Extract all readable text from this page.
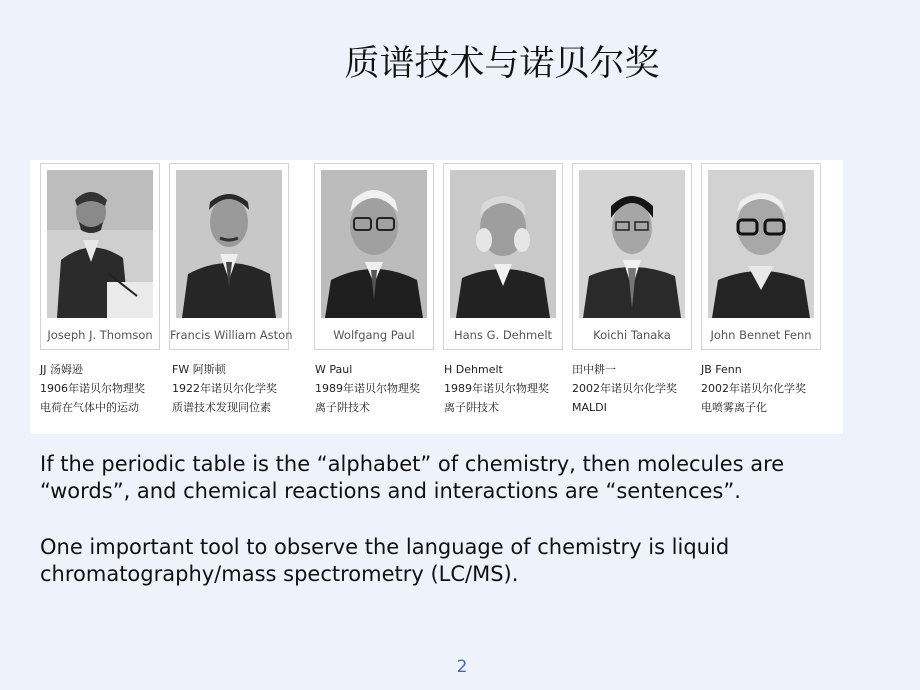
质谱技术与诺贝尔奖
Joseph J. Thomson	Francis William Aston	Wolfgang Paul	Hans G. Dehmelt	Koichi Tanaka	John Bennet Fenn
JJ 汤姆逊
1906年诺贝尔物理奖
电荷在气体中的运动
FW 阿斯顿
1922年诺贝尔化学奖
质谱技术发现同位素
W Paul
1989年诺贝尔物理奖
离子阱技术
H Dehmelt
1989年诺贝尔物理奖
离子阱技术
田中耕一
2002年诺贝尔化学奖
MALDI
JB Fenn
2002年诺贝尔化学奖
电喷雾离子化
If the periodic table is the “alphabet” of chemistry, then molecules are “words”, and chemical reactions and interactions are “sentences”.
One important tool to observe the language of chemistry is liquid chromatography/mass spectrometry (LC/MS).
2
